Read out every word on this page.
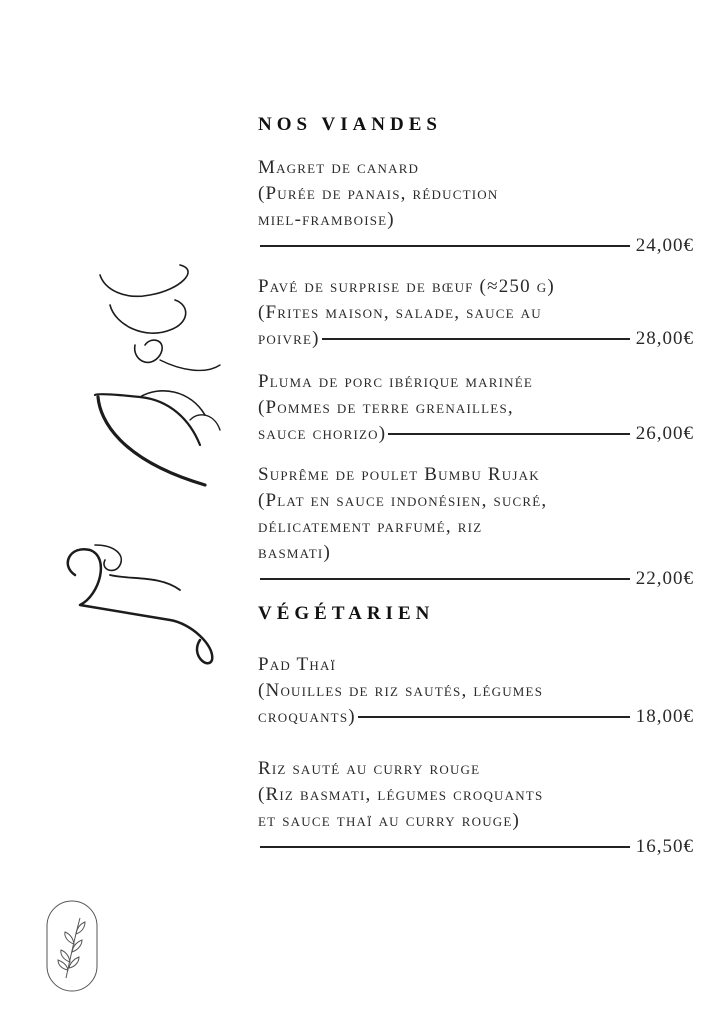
NOS VIANDES
Magret de canard
(Purée de panais, réduction
miel-framboise)
24,00€
Pavé de surprise de bœuf (≈250 g)
(Frites maison, salade, sauce au
poivre)	28,00€
Pluma de porc ibérique marinée
(Pommes de terre grenailles,
sauce chorizo)	26,00€
Suprême de poulet Bumbu Rujak
(Plat en sauce indonésien, sucré,
délicatement parfumé, riz
basmati)
22,00€
VÉGÉTARIEN
Pad Thaï
(Nouilles de riz sautés, légumes
croquants)	18,00€
Riz sauté au curry rouge
(Riz basmati, légumes croquants
et sauce thaï au curry rouge)
16,50€
